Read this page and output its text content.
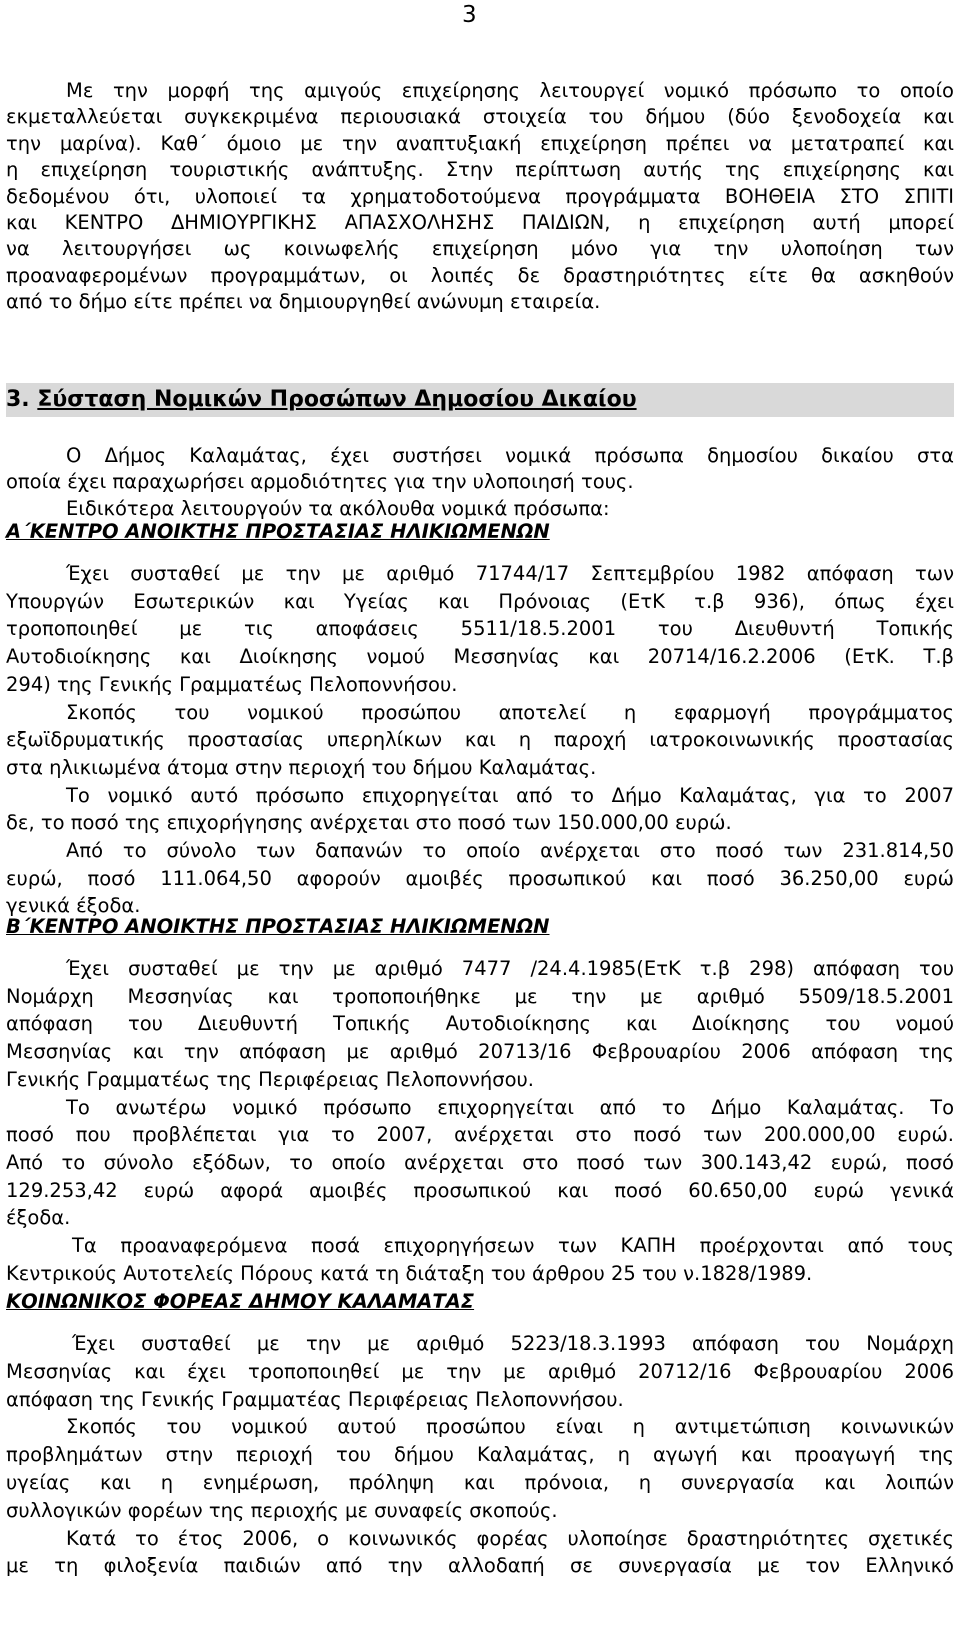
3
Με την μορφή της αμιγούς επιχείρησης λειτουργεί νομικό πρόσωπο το οποίο
εκμεταλλεύεται συγκεκριμένα περιουσιακά στοιχεία του δήμου (δύο ξενοδοχεία και
την μαρίνα). Καθ΄ όμοιο με την αναπτυξιακή επιχείρηση πρέπει να μετατραπεί και
η επιχείρηση τουριστικής ανάπτυξης. Στην περίπτωση αυτής της επιχείρησης και
δεδομένου ότι, υλοποιεί τα χρηματοδοτούμενα προγράμματα ΒΟΗΘΕΙΑ ΣΤΟ ΣΠΙΤΙ
και ΚΕΝΤΡΟ ΔΗΜΙΟΥΡΓΙΚΗΣ ΑΠΑΣΧΟΛΗΣΗΣ ΠΑΙΔΙΩΝ, η επιχείρηση αυτή μπορεί
να λειτουργήσει ως κοινωφελής επιχείρηση μόνο για την υλοποίηση των
προαναφερομένων προγραμμάτων, οι λοιπές δε δραστηριότητες είτε θα ασκηθούν
από το δήμο είτε πρέπει να δημιουργηθεί ανώνυμη εταιρεία.
3. Σύσταση Νομικών Προσώπων Δημοσίου Δικαίου
Ο Δήμος Καλαμάτας, έχει συστήσει νομικά πρόσωπα δημοσίου δικαίου στα
οποία έχει παραχωρήσει αρμοδιότητες για την υλοποιησή τους.
Ειδικότερα λειτουργούν τα ακόλουθα νομικά πρόσωπα:
Α΄ΚΕΝΤΡΟ ΑΝΟΙΚΤΗΣ ΠΡΟΣΤΑΣΙΑΣ ΗΛΙΚΙΩΜΕΝΩΝ
Έχει συσταθεί με την με αριθμό 71744/17 Σεπτεμβρίου 1982 απόφαση των
Υπουργών Εσωτερικών και Υγείας και Πρόνοιας (ΕτΚ τ.β 936), όπως έχει
τροποποιηθεί με τις αποφάσεις 5511/18.5.2001 του Διευθυντή Τοπικής
Αυτοδιοίκησης και Διοίκησης νομού Μεσσηνίας και 20714/16.2.2006 (ΕτΚ. Τ.β
294) της Γενικής Γραμματέως Πελοποννήσου.
Σκοπός του νομικού προσώπου αποτελεί η εφαρμογή προγράμματος
εξωϊδρυματικής προστασίας υπερηλίκων και η παροχή ιατροκοινωνικής προστασίας
στα ηλικιωμένα άτομα στην περιοχή του δήμου Καλαμάτας.
Το νομικό αυτό πρόσωπο επιχορηγείται από το Δήμο Καλαμάτας, για το 2007
δε, το ποσό της επιχορήγησης ανέρχεται στο ποσό των 150.000,00 ευρώ.
Από το σύνολο των δαπανών το οποίο ανέρχεται στο ποσό των 231.814,50
ευρώ, ποσό 111.064,50 αφορούν αμοιβές προσωπικού και ποσό 36.250,00 ευρώ
γενικά έξοδα.
Β΄ΚΕΝΤΡΟ ΑΝΟΙΚΤΗΣ ΠΡΟΣΤΑΣΙΑΣ ΗΛΙΚΙΩΜΕΝΩΝ
Έχει συσταθεί με την με αριθμό 7477 /24.4.1985(ΕτΚ τ.β 298) απόφαση του
Νομάρχη Μεσσηνίας και τροποποιήθηκε με την με αριθμό 5509/18.5.2001
απόφαση του Διευθυντή Τοπικής Αυτοδιοίκησης και Διοίκησης του νομού
Μεσσηνίας και την απόφαση με αριθμό 20713/16 Φεβρουαρίου 2006 απόφαση της
Γενικής Γραμματέως της Περιφέρειας Πελοποννήσου.
Το ανωτέρω νομικό πρόσωπο επιχορηγείται από το Δήμο Καλαμάτας. Το
ποσό που προβλέπεται για το 2007, ανέρχεται στο ποσό των 200.000,00 ευρώ.
Από το σύνολο εξόδων, το οποίο ανέρχεται στο ποσό των 300.143,42 ευρώ, ποσό
129.253,42 ευρώ αφορά αμοιβές προσωπικού και ποσό 60.650,00 ευρώ γενικά
έξοδα.
Τα προαναφερόμενα ποσά επιχορηγήσεων των ΚΑΠΗ προέρχονται από τους
Κεντρικούς Αυτοτελείς Πόρους κατά τη διάταξη του άρθρου 25 του ν.1828/1989.
ΚΟΙΝΩΝΙΚΟΣ ΦΟΡΕΑΣ ΔΗΜΟΥ ΚΑΛΑΜΑΤΑΣ
Έχει συσταθεί με την με αριθμό 5223/18.3.1993 απόφαση του Νομάρχη
Μεσσηνίας και έχει τροποποιηθεί με την με αριθμό 20712/16 Φεβρουαρίου 2006
απόφαση της Γενικής Γραμματέας Περιφέρειας Πελοποννήσου.
Σκοπός του νομικού αυτού προσώπου είναι η αντιμετώπιση κοινωνικών
προβλημάτων στην περιοχή του δήμου Καλαμάτας, η αγωγή και προαγωγή της
υγείας και η ενημέρωση, πρόληψη και πρόνοια, η συνεργασία και λοιπών
συλλογικών φορέων της περιοχής με συναφείς σκοπούς.
Κατά το έτος 2006, ο κοινωνικός φορέας υλοποίησε δραστηριότητες σχετικές
με τη φιλοξενία παιδιών από την αλλοδαπή σε συνεργασία με τον Ελληνικό
